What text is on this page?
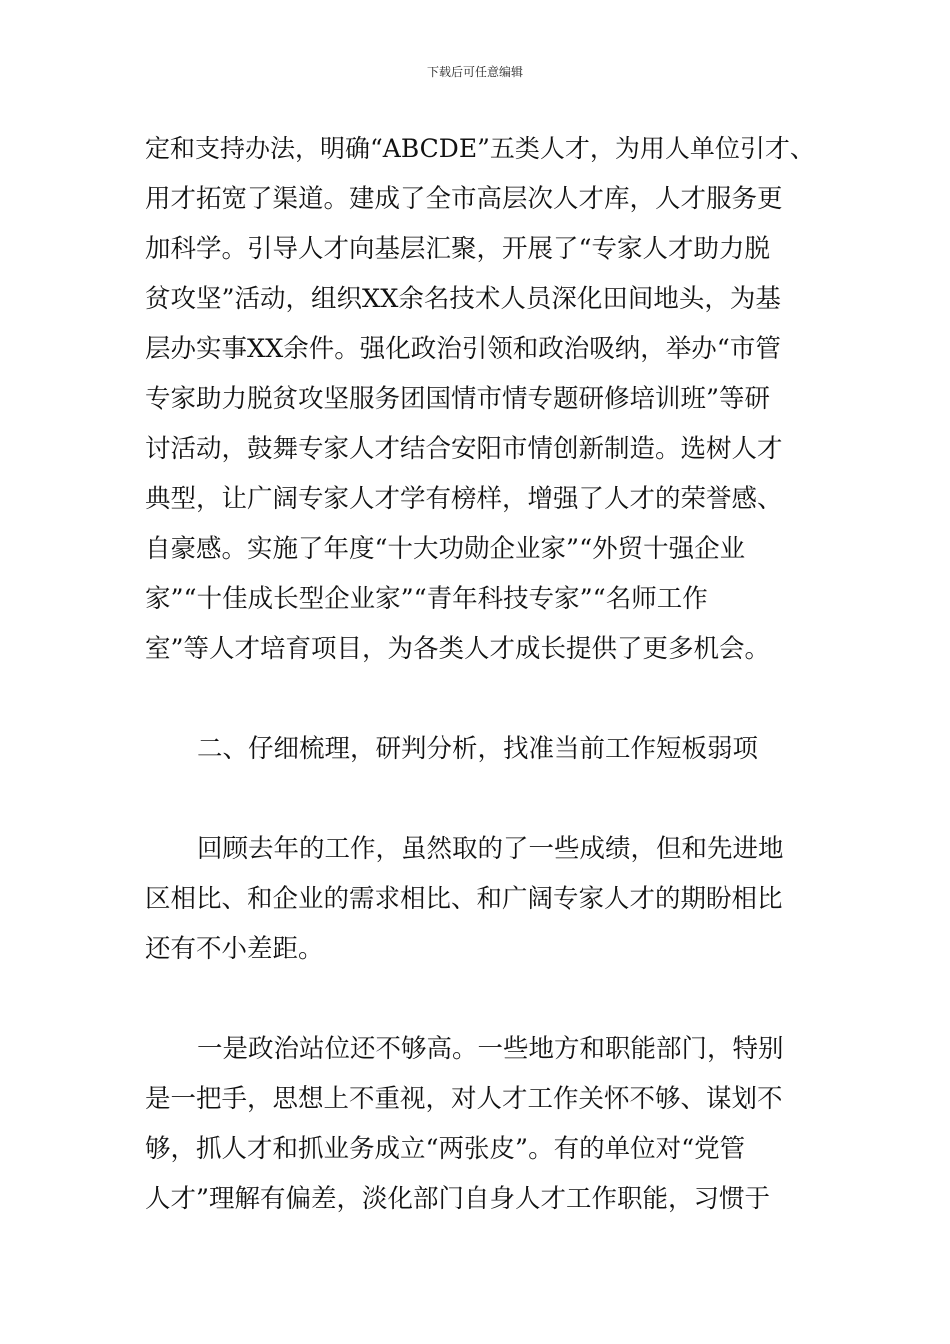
下载后可任意编辑
定和支持办法，明确“ABCDE”五类人才，为用人单位引才、
用才拓宽了渠道。建成了全市高层次人才库，人才服务更
加科学。引导人才向基层汇聚，开展了“专家人才助力脱
贫攻坚”活动，组织XX余名技术人员深化田间地头，为基
层办实事XX余件。强化政治引领和政治吸纳，举办“市管
专家助力脱贫攻坚服务团国情市情专题研修培训班”等研
讨活动，鼓舞专家人才结合安阳市情创新制造。选树人才
典型，让广阔专家人才学有榜样，增强了人才的荣誉感、
自豪感。实施了年度“十大功勋企业家”“外贸十强企业
家”“十佳成长型企业家”“青年科技专家”“名师工作
室”等人才培育项目，为各类人才成长提供了更多机会。
二、仔细梳理，研判分析，找准当前工作短板弱项
回顾去年的工作，虽然取的了一些成绩，但和先进地
区相比、和企业的需求相比、和广阔专家人才的期盼相比
还有不小差距。
一是政治站位还不够高。一些地方和职能部门，特别
是一把手，思想上不重视，对人才工作关怀不够、谋划不
够，抓人才和抓业务成立“两张皮”。有的单位对“党管
人才”理解有偏差，淡化部门自身人才工作职能，习惯于
